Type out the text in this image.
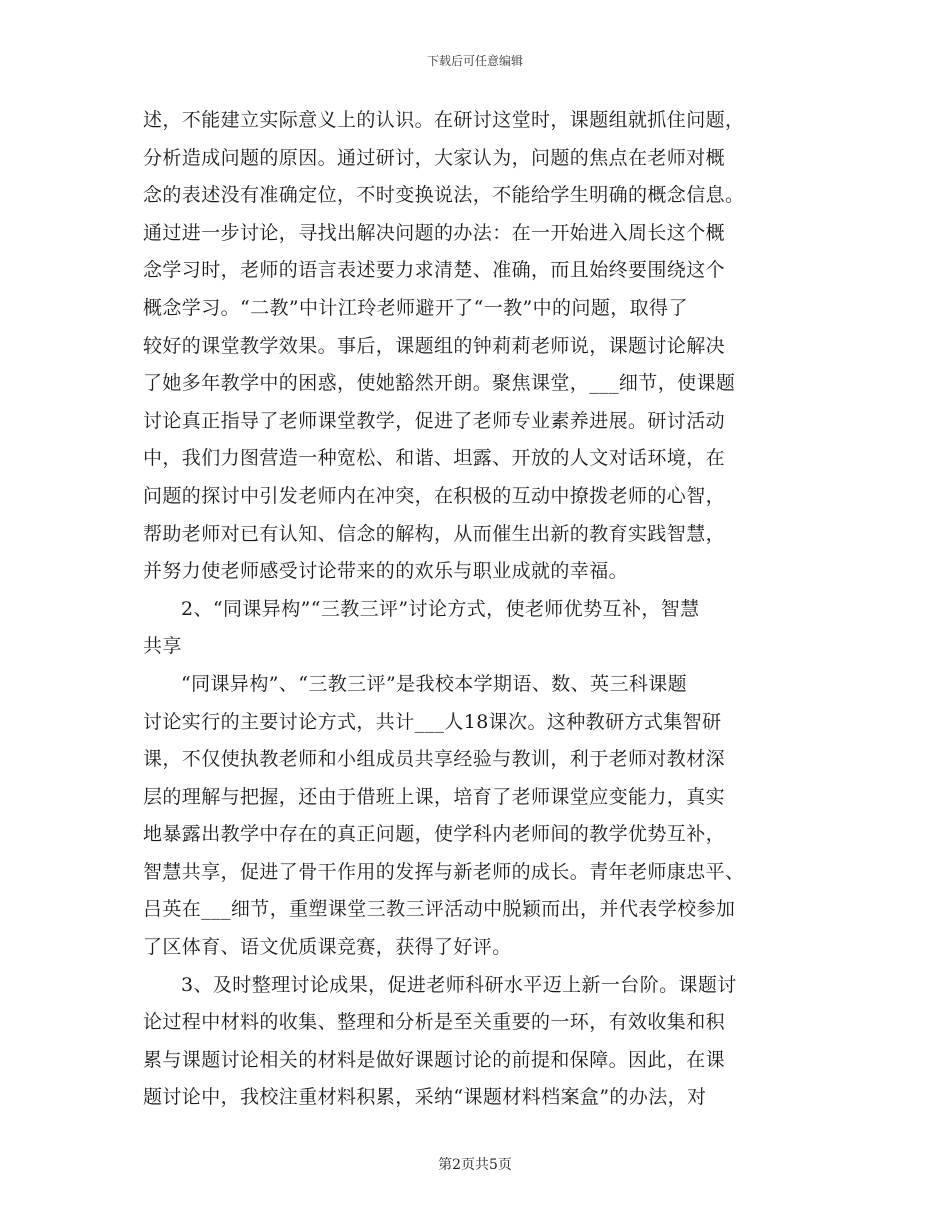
下载后可任意编辑
述，不能建立实际意义上的认识。在研讨这堂时，课题组就抓住问题，
分析造成问题的原因。通过研讨，大家认为，问题的焦点在老师对概
念的表述没有准确定位，不时变换说法，不能给学生明确的概念信息。
通过进一步讨论，寻找出解决问题的办法：在一开始进入周长这个概
念学习时，老师的语言表述要力求清楚、准确，而且始终要围绕这个
概念学习。“二教”中计江玲老师避开了“一教”中的问题，取得了
较好的课堂教学效果。事后，课题组的钟莉莉老师说，课题讨论解决
了她多年教学中的困惑，使她豁然开朗。聚焦课堂，___细节，使课题
讨论真正指导了老师课堂教学，促进了老师专业素养进展。研讨活动
中，我们力图营造一种宽松、和谐、坦露、开放的人文对话环境，在
问题的探讨中引发老师内在冲突，在积极的互动中撩拨老师的心智，
帮助老师对已有认知、信念的解构，从而催生出新的教育实践智慧，
并努力使老师感受讨论带来的的欢乐与职业成就的幸福。
2、“同课异构”“三教三评”讨论方式，使老师优势互补，智慧
共享
“同课异构”、“三教三评”是我校本学期语、数、英三科课题
讨论实行的主要讨论方式，共计___人18课次。这种教研方式集智研
课，不仅使执教老师和小组成员共享经验与教训，利于老师对教材深
层的理解与把握，还由于借班上课，培育了老师课堂应变能力，真实
地暴露出教学中存在的真正问题，使学科内老师间的教学优势互补，
智慧共享，促进了骨干作用的发挥与新老师的成长。青年老师康忠平、
吕英在___细节，重塑课堂三教三评活动中脱颖而出，并代表学校参加
了区体育、语文优质课竞赛，获得了好评。
3、及时整理讨论成果，促进老师科研水平迈上新一台阶。课题讨
论过程中材料的收集、整理和分析是至关重要的一环，有效收集和积
累与课题讨论相关的材料是做好课题讨论的前提和保障。因此，在课
题讨论中，我校注重材料积累，采纳“课题材料档案盒”的办法，对
第2页共5页
